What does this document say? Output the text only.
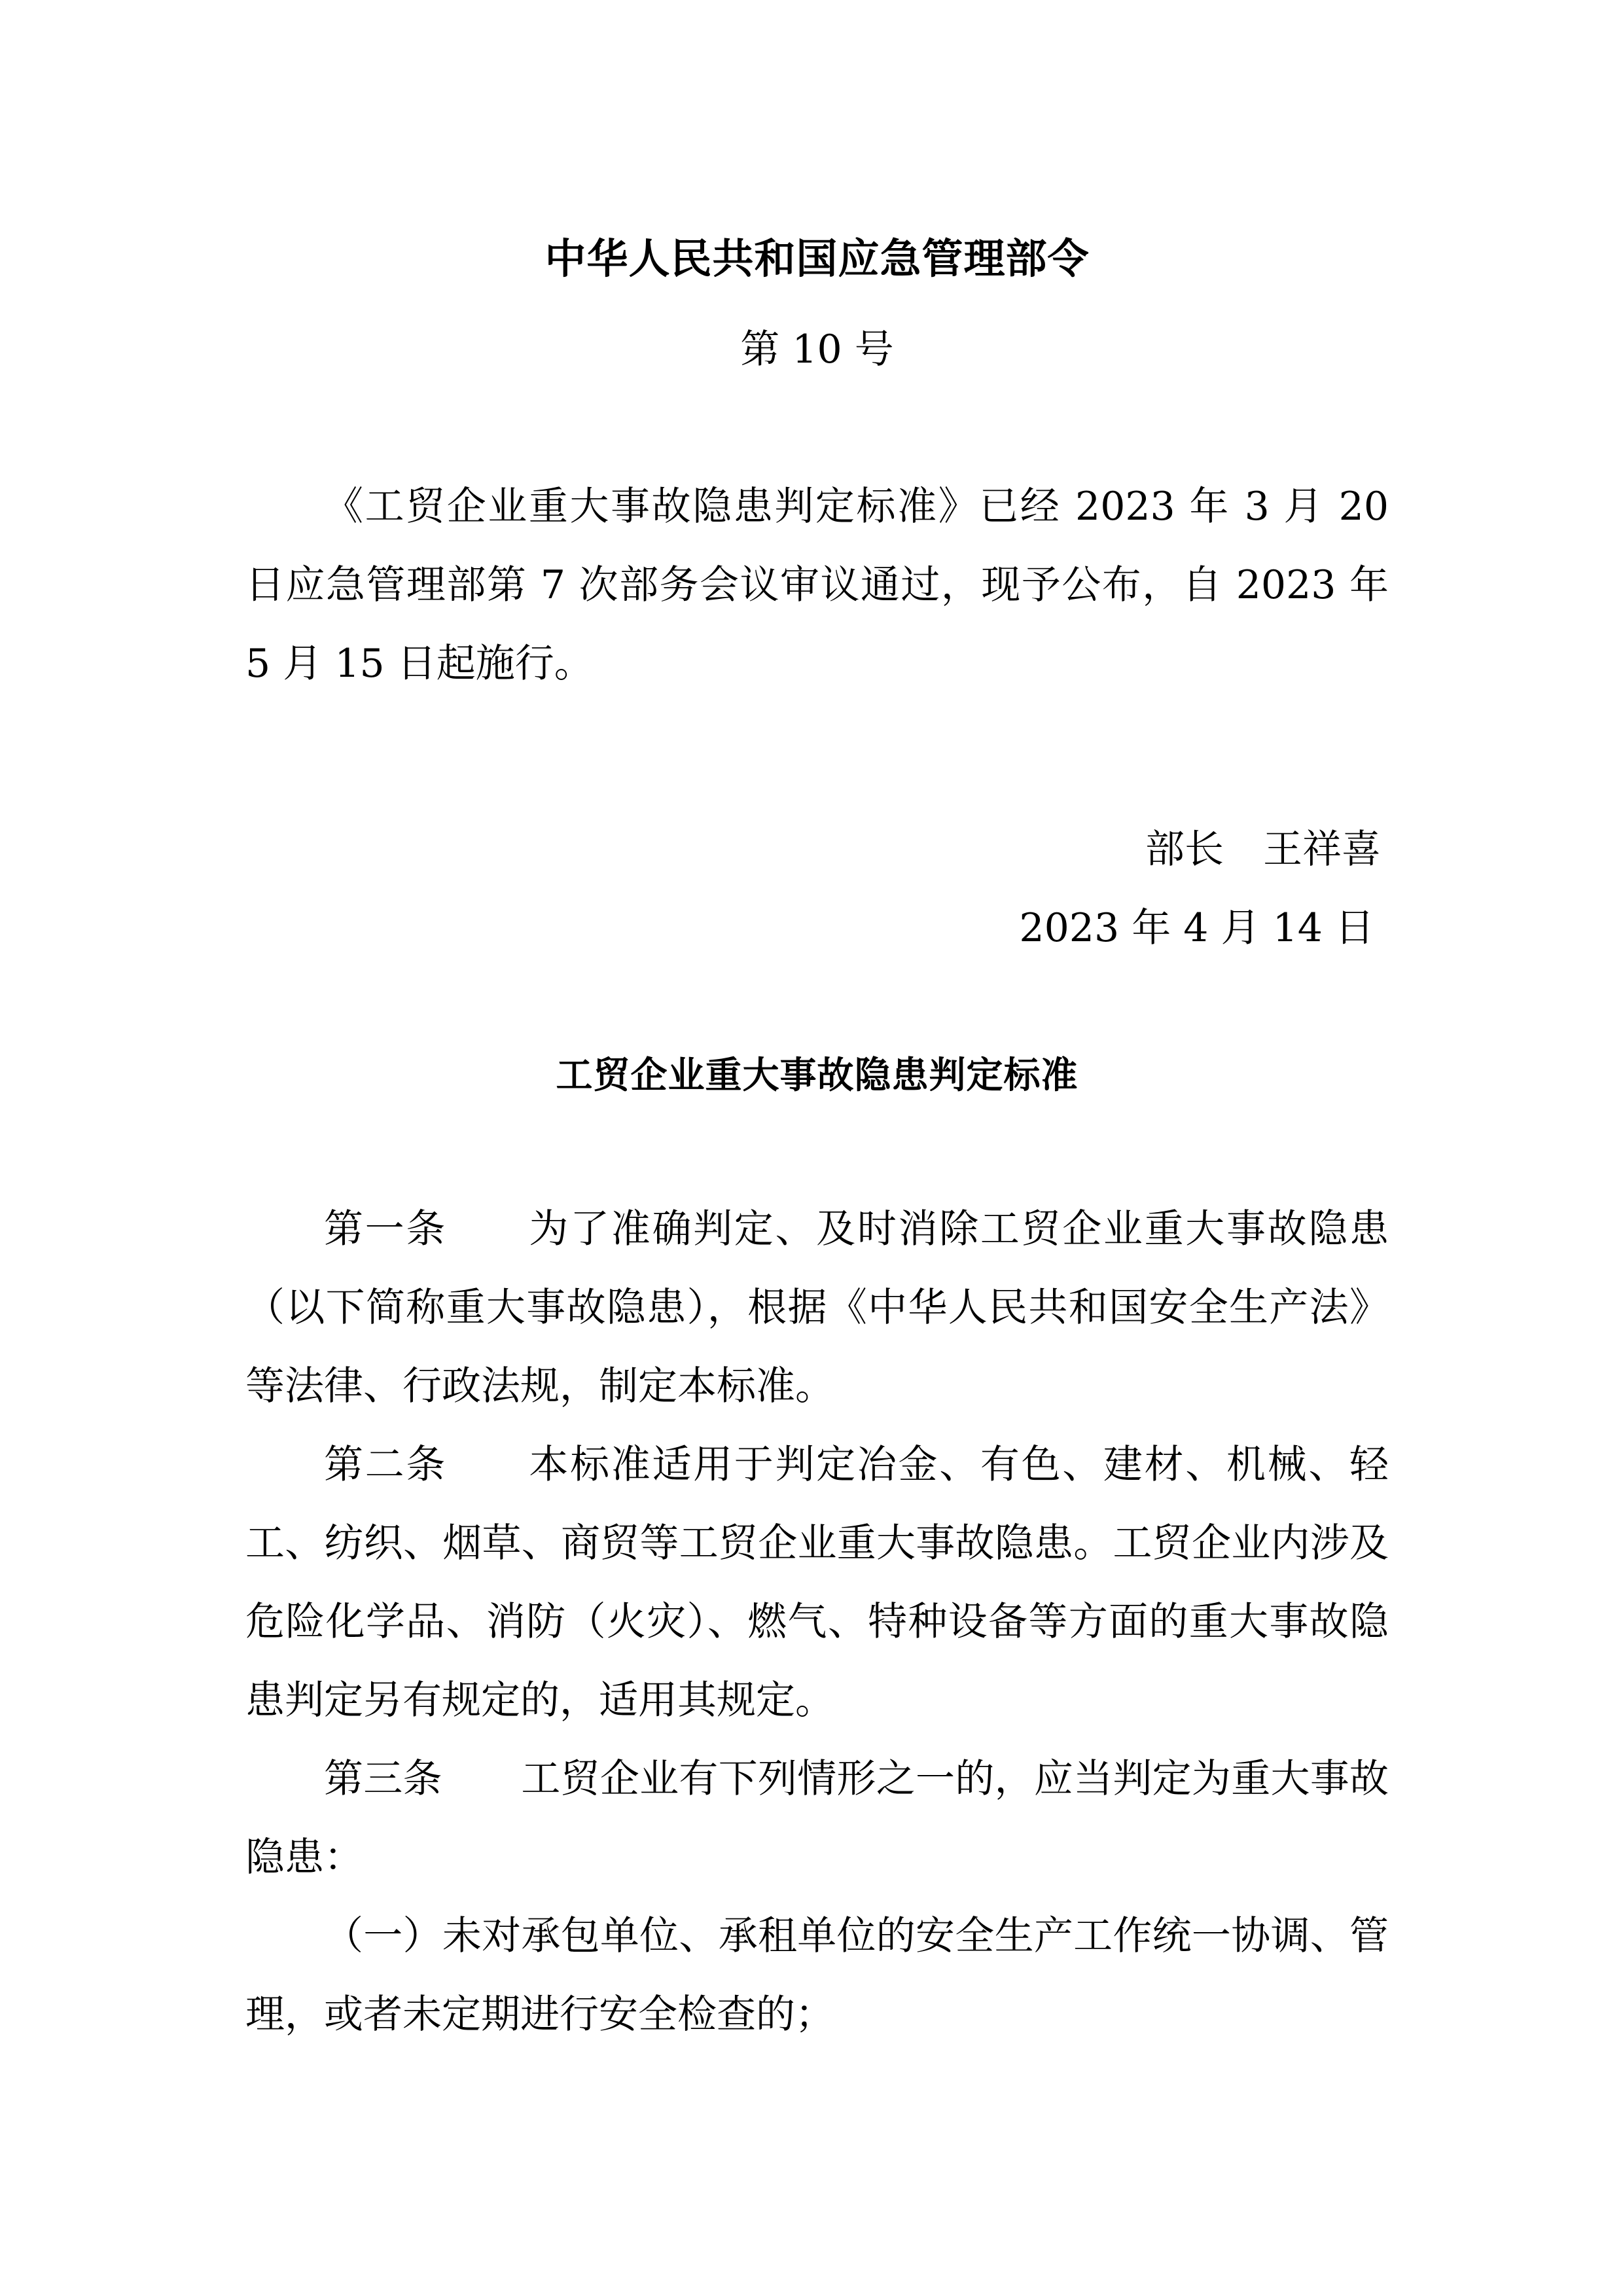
中华人民共和国应急管理部令
第 10 号

《工贸企业重大事故隐患判定标准》已经 2023 年 3 月 20 日应急管理部第 7 次部务会议审议通过，现予公布，自 2023 年 5 月 15 日起施行。

部长　 王祥喜
2023 年 4 月 14 日
工贸企业重大事故隐患判定标准

第一条　　为了准确判定、及时消除工贸企业重大事故隐患（以下简称重大事故隐患），根据《中华人民共和国安全生产法》等法律、行政法规，制定本标准。

第二条　　本标准适用于判定冶金、有色、建材、机械、轻工、纺织、烟草、商贸等工贸企业重大事故隐患。工贸企业内涉及危险化学品、消防（火灾）、燃气、特种设备等方面的重大事故隐患判定另有规定的，适用其规定。

第三条　　工贸企业有下列情形之一的，应当判定为重大事故隐患：

（一）未对承包单位、承租单位的安全生产工作统一协调、管理，或者未定期进行安全检查的；
